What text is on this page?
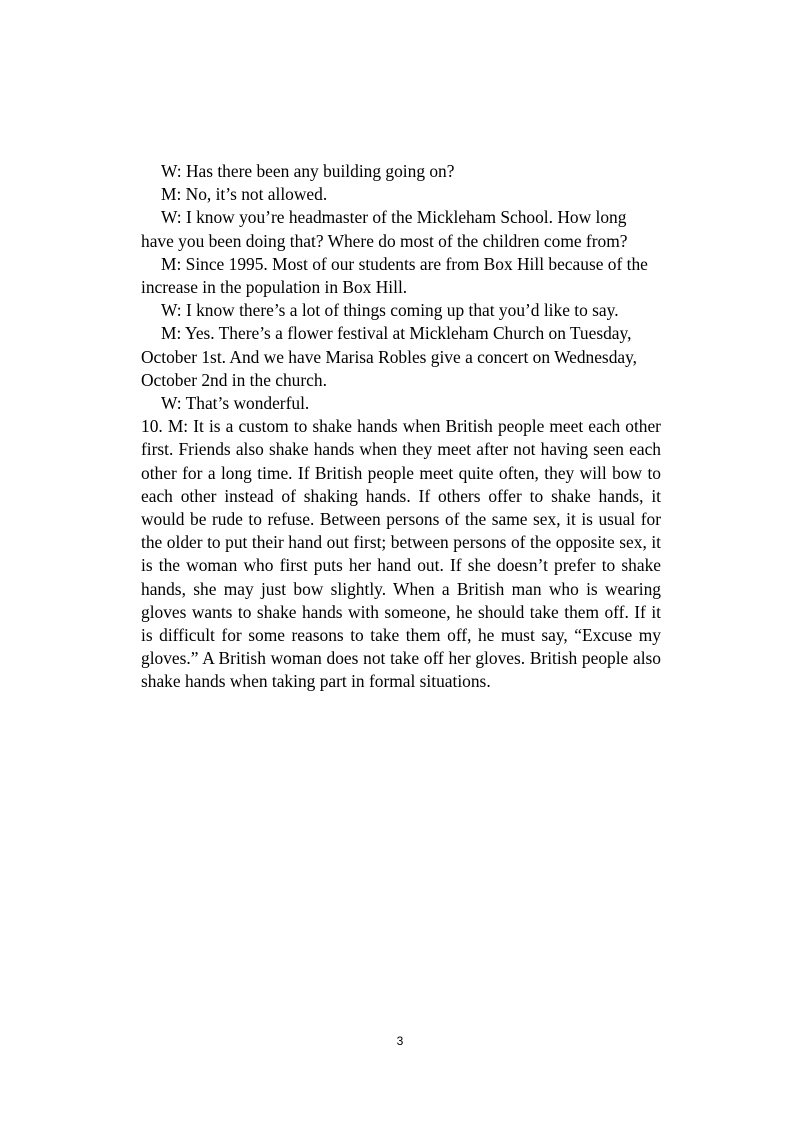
W: Has there been any building going on?

M: No, it’s not allowed.

W: I know you’re headmaster of the Mickleham School. How long have you been doing that? Where do most of the children come from?

M: Since 1995. Most of our students are from Box Hill because of the increase in the population in Box Hill.

W: I know there’s a lot of things coming up that you’d like to say.

M: Yes. There’s a flower festival at Mickleham Church on Tuesday, October 1st. And we have Marisa Robles give a concert on Wednesday, October 2nd in the church.

W: That’s wonderful.

10. M: It is a custom to shake hands when British people meet each other first. Friends also shake hands when they meet after not having seen each other for a long time. If British people meet quite often, they will bow to each other instead of shaking hands. If others offer to shake hands, it would be rude to refuse. Between persons of the same sex, it is usual for the older to put their hand out first; between persons of the opposite sex, it is the woman who first puts her hand out. If she doesn’t prefer to shake hands, she may just bow slightly. When a British man who is wearing gloves wants to shake hands with someone, he should take them off. If it is difficult for some reasons to take them off, he must say, “Excuse my gloves.” A British woman does not take off her gloves. British people also shake hands when taking part in formal situations.

3
